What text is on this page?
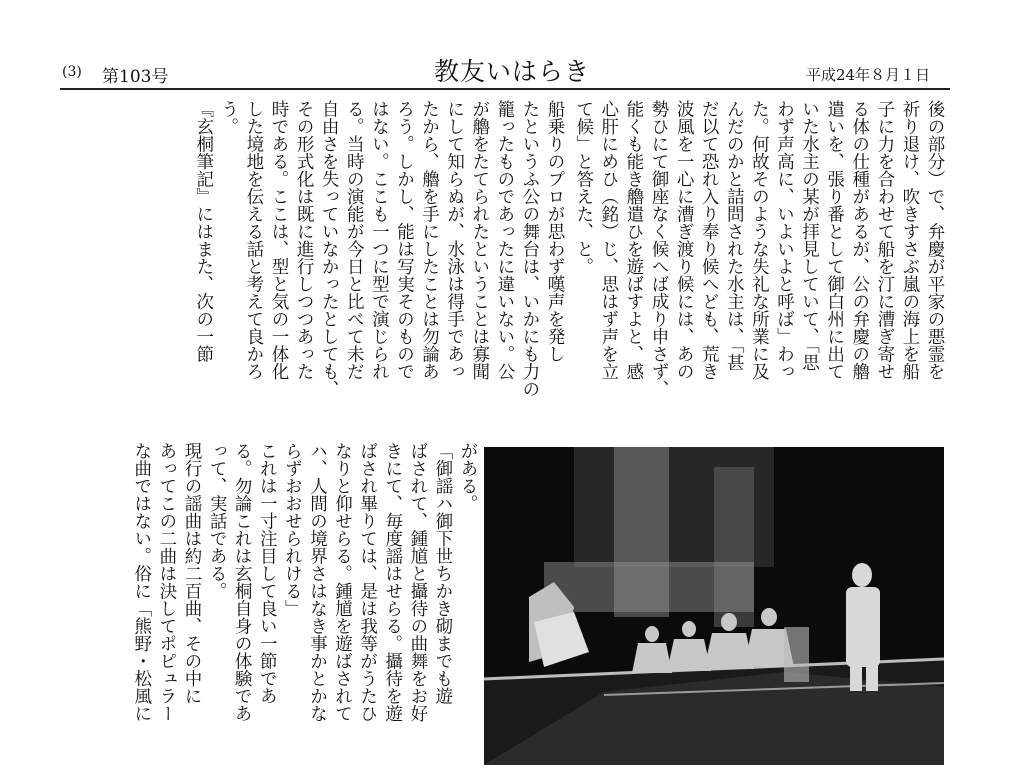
(3) 第103号	教友いはらき	平成24年８月１日
後の部分）で、弁慶が平家の悪霊を
祈り退け、吹きすさぶ嵐の海上を船
子に力を合わせて船を汀に漕ぎ寄せ
る体の仕種があるが、公の弁慶の艪
遣いを、張り番として御白州に出て
いた水主の某が拝見していて、「思
わず声高に、いよいよと呼ば」わっ
た。何故そのような失礼な所業に及
んだのかと詰問された水主は、「甚
だ以て恐れ入り奉り候へども、荒き
波風を一心に漕ぎ渡り候には、あの
勢ひにて御座なく候へば成り申さず、
能くも能き艪遣ひを遊ばすよと、感
心肝にめひ（銘）じ、思はず声を立
て候」と答えた、と。
船乗りのプロが思わず嘆声を発し
たというふ公の舞台は、いかにも力の
籠ったものであったに違いない。公
が艪をたてられたということは寡聞
にして知らぬが、水泳は得手であっ
たから、艪を手にしたことは勿論あ
ろう。しかし、能は写実そのもので
はない。ここも一つに型で演じられ
る。当時の演能が今日と比べて未だ
自由さを失っていなかったとしても、
その形式化は既に進行しつつあった
時である。ここは、型と気の一体化
した境地を伝える話と考えて良かろ
う。
『玄桐筆記』にはまた、次の一節
がある。
「御謡ハ御下世ちかき砌までも遊
ばされて、鍾馗と攝待の曲舞をお好
きにて、毎度謡はせらる。攝待を遊
ばされ畢りては、是は我等がうたひ
なりと仰せらる。鍾馗を遊ばされて
ハ、人間の境界さはなき事かとかな
らずおおせられける」
これは一寸注目して良い一節であ
る。勿論これは玄桐自身の体験であ
って、実話である。
現行の謡曲は約二百曲、その中に
あってこの二曲は決してポピュラー
な曲ではない。俗に「熊野・松風に
